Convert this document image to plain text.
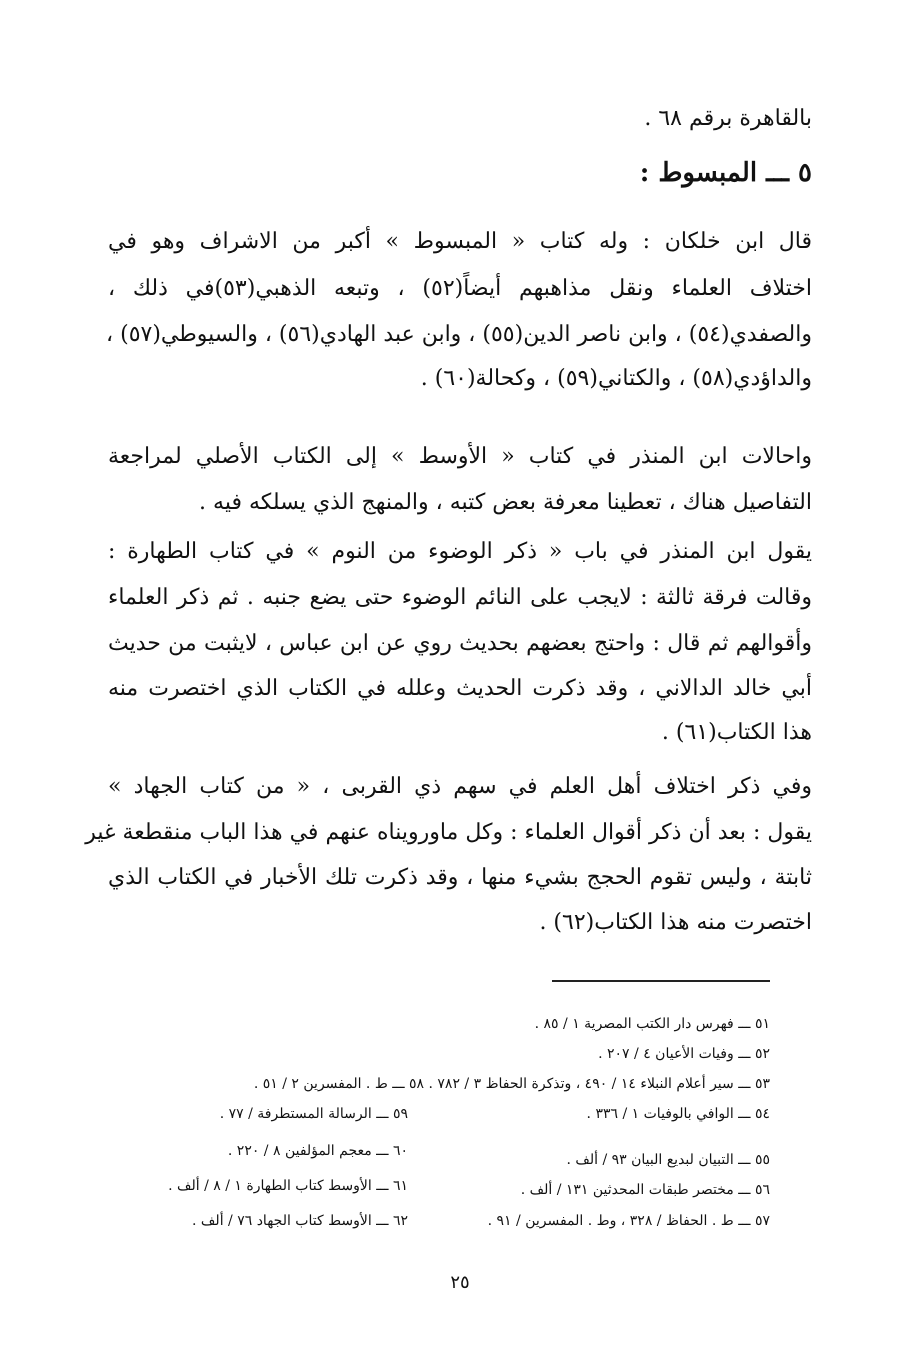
بالقاهرة برقم ٦٨ .
٥ ـــ المبسوط :
قال ابن خلكان : وله كتاب « المبسوط » أكبر من الاشراف وهو في
اختلاف العلماء ونقل مذاهبهم أيضاً(٥٢) ، وتبعه الذهبي(٥٣)في ذلك ،
والصفدي(٥٤) ، وابن ناصر الدين(٥٥) ، وابن عبد الهادي(٥٦) ، والسيوطي(٥٧) ،
والداؤدي(٥٨) ، والكتاني(٥٩) ، وكحالة(٦٠) .
واحالات ابن المنذر في كتاب « الأوسط » إلى الكتاب الأصلي لمراجعة
التفاصيل هناك ، تعطينا معرفة بعض كتبه ، والمنهج الذي يسلكه فيه .
يقول ابن المنذر في باب « ذكر الوضوء من النوم » في كتاب الطهارة :
وقالت فرقة ثالثة : لايجب على النائم الوضوء حتى يضع جنبه . ثم ذكر العلماء
وأقوالهم ثم قال : واحتج بعضهم بحديث روي عن ابن عباس ، لايثبت من حديث
أبي خالد الدالاني ، وقد ذكرت الحديث وعلله في الكتاب الذي اختصرت منه
هذا الكتاب(٦١) .
وفي ذكر اختلاف أهل العلم في سهم ذي القربى ، « من كتاب الجهاد »
يقول : بعد أن ذكر أقوال العلماء : وكل ماورويناه عنهم في هذا الباب منقطعة غير
ثابتة ، وليس تقوم الحجج بشيء منها ، وقد ذكرت تلك الأخبار في الكتاب الذي
اختصرت منه هذا الكتاب(٦٢) .
٥١ ـــ فهرس دار الكتب المصرية ١ / ٨٥ .
٥٢ ـــ وفيات الأعيان ٤ / ٢٠٧ .
٥٣ ـــ سير أعلام النبلاء ١٤ / ٤٩٠ ، وتذكرة الحفاظ ٣ / ٧٨٢ . ٥٨ ـــ ط . المفسرين ٢ / ٥١ .
٥٤ ـــ الوافي بالوفيات ١ / ٣٣٦ .
٥٩ ـــ الرسالة المستطرفة / ٧٧ .
٥٥ ـــ التبيان لبديع البيان ٩٣ / ألف .
٦٠ ـــ معجم المؤلفين ٨ / ٢٢٠ .
٥٦ ـــ مختصر طبقات المحدثين ١٣١ / ألف .
٦١ ـــ الأوسط كتاب الطهارة ١ / ٨ / ألف .
٥٧ ـــ ط . الحفاظ / ٣٢٨ ، وط . المفسرين / ٩١ .
٦٢ ـــ الأوسط كتاب الجهاد ٧٦ / ألف .
٢٥
